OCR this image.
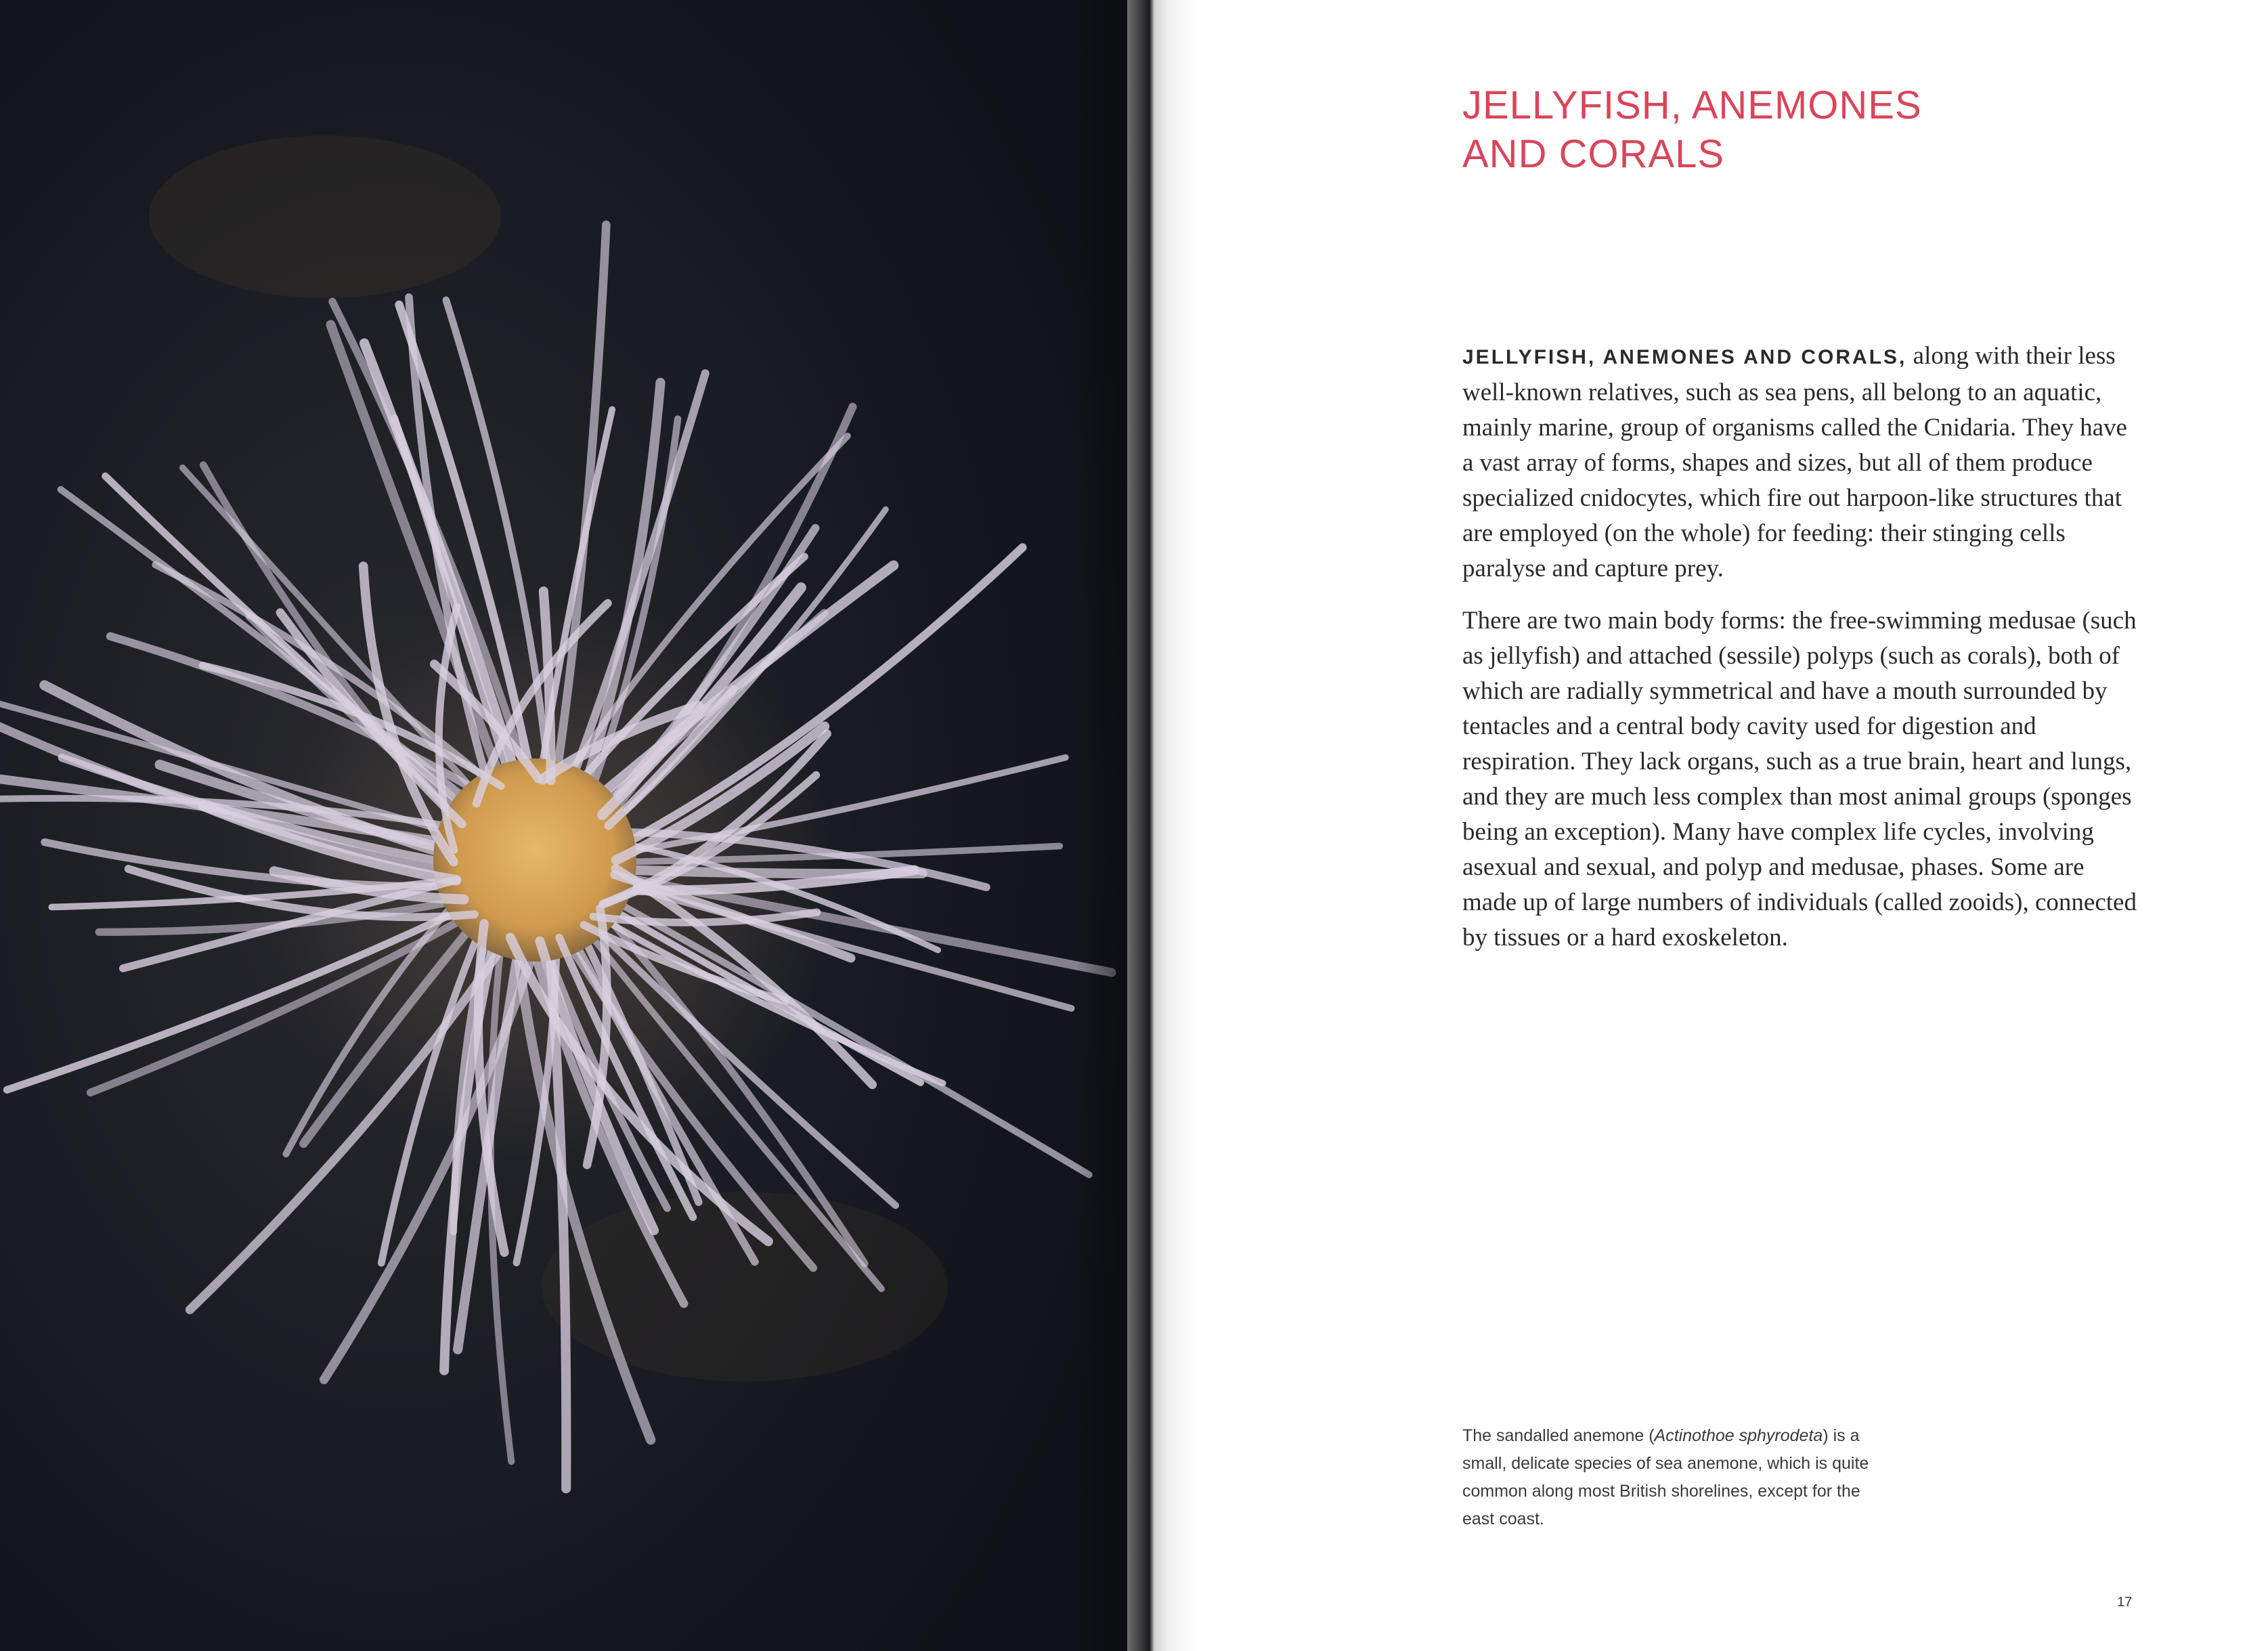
JELLYFISH, ANEMONES
AND CORALS

JELLYFISH, ANEMONES AND CORALS, along with their less well-known relatives, such as sea pens, all belong to an aquatic, mainly marine, group of organisms called the Cnidaria. They have a vast array of forms, shapes and sizes, but all of them produce specialized cnidocytes, which fire out harpoon-like structures that are employed (on the whole) for feeding: their stinging cells paralyse and capture prey.

There are two main body forms: the free-swimming medusae (such as jellyfish) and attached (sessile) polyps (such as corals), both of which are radially symmetrical and have a mouth surrounded by tentacles and a central body cavity used for digestion and respiration. They lack organs, such as a true brain, heart and lungs, and they are much less complex than most animal groups (sponges being an exception). Many have complex life cycles, involving asexual and sexual, and polyp and medusae, phases. Some are made up of large numbers of individuals (called zooids), connected by tissues or a hard exoskeleton.

The sandalled anemone (Actinothoe sphyrodeta) is a small, delicate species of sea anemone, which is quite common along most British shorelines, except for the east coast.
17
